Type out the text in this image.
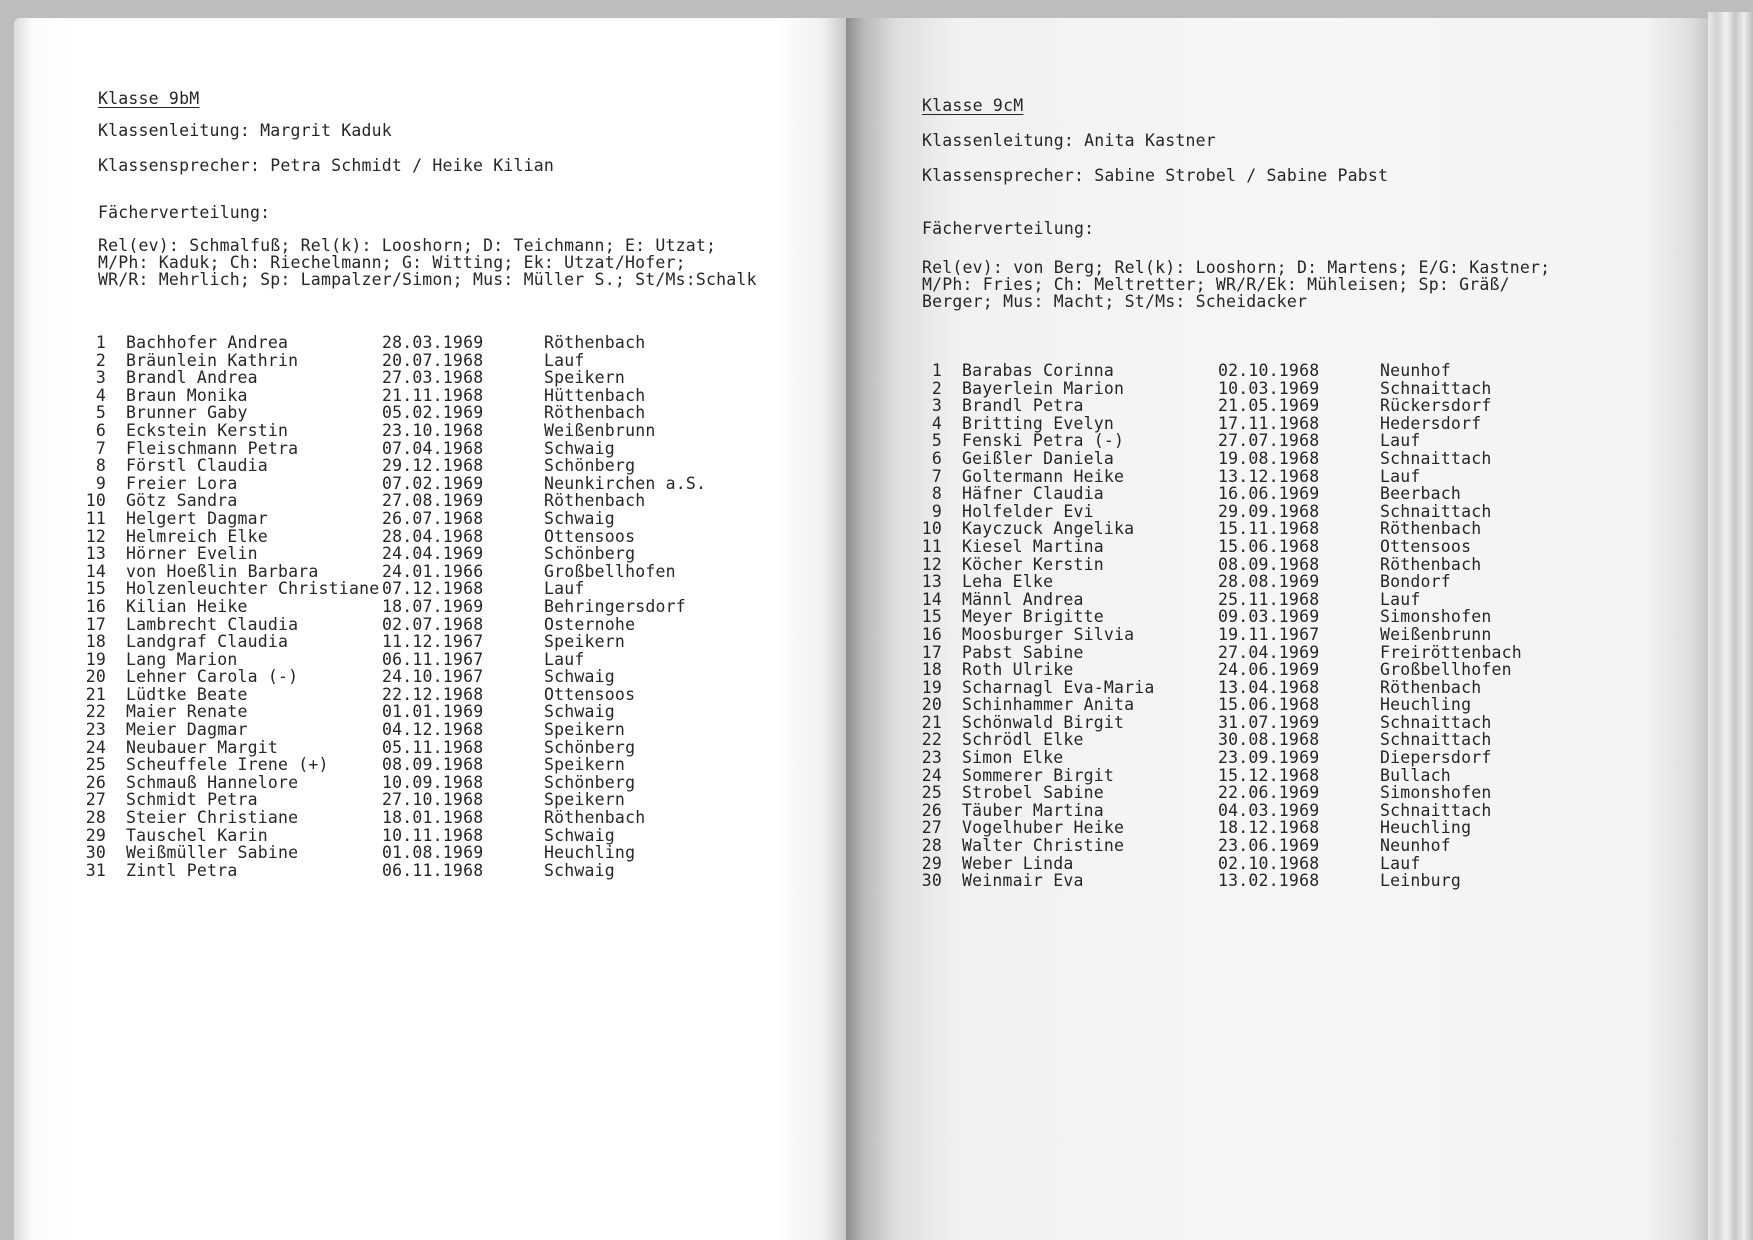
Klasse 9bM
Klassenleitung: Margrit Kaduk
Klassensprecher: Petra Schmidt / Heike Kilian
Fächerverteilung:
Rel(ev): Schmalfuß; Rel(k): Looshorn; D: Teichmann; E: Utzat;
M/Ph: Kaduk; Ch: Riechelmann; G: Witting; Ek: Utzat/Hofer;
WR/R: Mehrlich; Sp: Lampalzer/Simon; Mus: Müller S.; St/Ms:Schalk
1 Bachhofer Andrea	28.03.1969	Röthenbach
2 Bräunlein Kathrin	20.07.1968	Lauf
3 Brandl Andrea	27.03.1968	Speikern
4 Braun Monika	21.11.1968	Hüttenbach
5 Brunner Gaby	05.02.1969	Röthenbach
6 Eckstein Kerstin	23.10.1968	Weißenbrunn
7 Fleischmann Petra	07.04.1968	Schwaig
8 Förstl Claudia	29.12.1968	Schönberg
9 Freier Lora	07.02.1969	Neunkirchen a.S.
10 Götz Sandra	27.08.1969	Röthenbach
11 Helgert Dagmar	26.07.1968	Schwaig
12 Helmreich Elke	28.04.1968	Ottensoos
13 Hörner Evelin	24.04.1969	Schönberg
14 von Hoeßlin Barbara	24.01.1966	Großbellhofen
15 Holzenleuchter Christiane 07.12.1968	Lauf
16 Kilian Heike	18.07.1969	Behringersdorf
17 Lambrecht Claudia	02.07.1968	Osternohe
18 Landgraf Claudia	11.12.1967	Speikern
19 Lang Marion	06.11.1967	Lauf
20 Lehner Carola (-)	24.10.1967	Schwaig
21 Lüdtke Beate	22.12.1968	Ottensoos
22 Maier Renate	01.01.1969	Schwaig
23 Meier Dagmar	04.12.1968	Speikern
24 Neubauer Margit	05.11.1968	Schönberg
25 Scheuffele Irene (+)	08.09.1968	Speikern
26 Schmauß Hannelore	10.09.1968	Schönberg
27 Schmidt Petra	27.10.1968	Speikern
28 Steier Christiane	18.01.1968	Röthenbach
29 Tauschel Karin	10.11.1968	Schwaig
30 Weißmüller Sabine	01.08.1969	Heuchling
31 Zintl Petra	06.11.1968	Schwaig
Klasse 9cM
Klassenleitung: Anita Kastner
Klassensprecher: Sabine Strobel / Sabine Pabst
Fächerverteilung:
Rel(ev): von Berg; Rel(k): Looshorn; D: Martens; E/G: Kastner;
M/Ph: Fries; Ch: Meltretter; WR/R/Ek: Mühleisen; Sp: Gräß/
Berger; Mus: Macht; St/Ms: Scheidacker
1 Barabas Corinna	02.10.1968	Neunhof
2 Bayerlein Marion	10.03.1969	Schnaittach
3 Brandl Petra	21.05.1969	Rückersdorf
4 Britting Evelyn	17.11.1968	Hedersdorf
5 Fenski Petra (-)	27.07.1968	Lauf
6 Geißler Daniela	19.08.1968	Schnaittach
7 Goltermann Heike	13.12.1968	Lauf
8 Häfner Claudia	16.06.1969	Beerbach
9 Holfelder Evi	29.09.1968	Schnaittach
10 Kayczuck Angelika	15.11.1968	Röthenbach
11 Kiesel Martina	15.06.1968	Ottensoos
12 Köcher Kerstin	08.09.1968	Röthenbach
13 Leha Elke	28.08.1969	Bondorf
14 Männl Andrea	25.11.1968	Lauf
15 Meyer Brigitte	09.03.1969	Simonshofen
16 Moosburger Silvia	19.11.1967	Weißenbrunn
17 Pabst Sabine	27.04.1969	Freiröttenbach
18 Roth Ulrike	24.06.1969	Großbellhofen
19 Scharnagl Eva-Maria	13.04.1968	Röthenbach
20 Schinhammer Anita	15.06.1968	Heuchling
21 Schönwald Birgit	31.07.1969	Schnaittach
22 Schrödl Elke	30.08.1968	Schnaittach
23 Simon Elke	23.09.1969	Diepersdorf
24 Sommerer Birgit	15.12.1968	Bullach
25 Strobel Sabine	22.06.1969	Simonshofen
26 Täuber Martina	04.03.1969	Schnaittach
27 Vogelhuber Heike	18.12.1968	Heuchling
28 Walter Christine	23.06.1969	Neunhof
29 Weber Linda	02.10.1968	Lauf
30 Weinmair Eva	13.02.1968	Leinburg
